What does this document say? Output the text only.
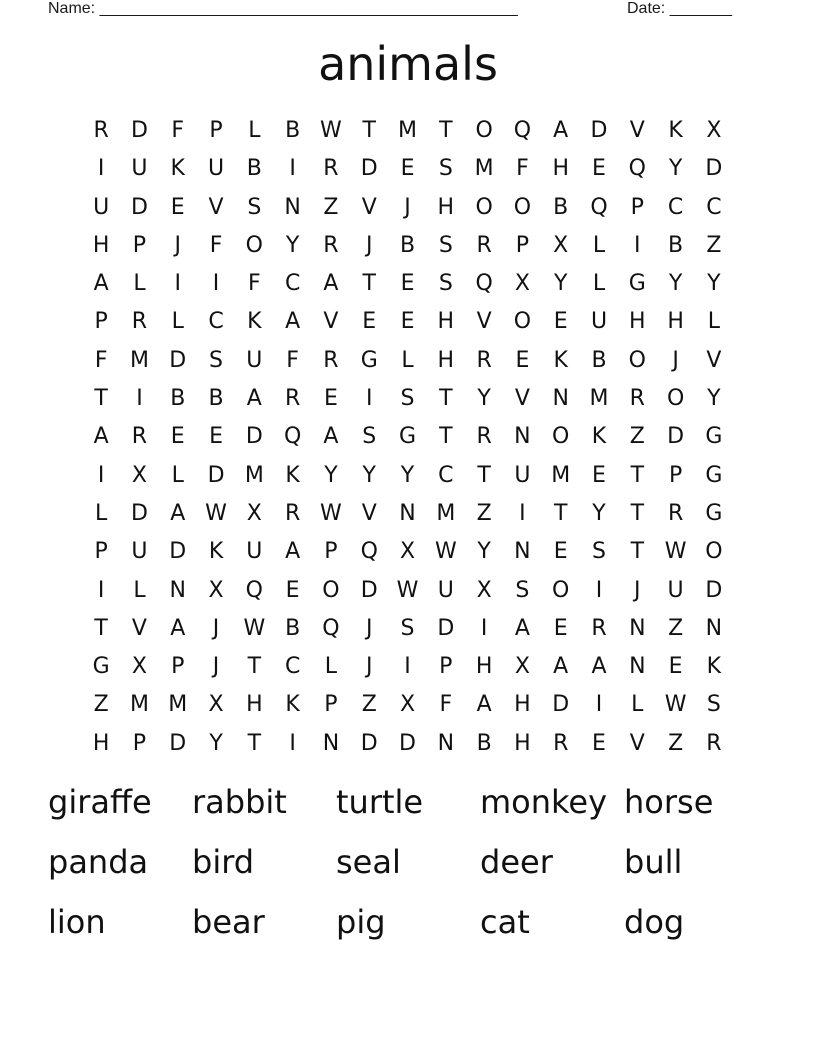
Name: _______________________________________________	Date: _______
animals
R	D	F	P	L	B W T	M	T	O Q	A	D	V	K	X
I	U	K	U	B	I	R	D	E	S M	F	H	E	Q	Y	D
U D	E	V	S	N	Z	V	J	H O O	B	Q	P	C	C
H	P	J	F	O	Y	R	J	B	S	R	P	X	L	I	B	Z
A	L	I	I	F	C	A	T	E	S	Q	X	Y	L	G	Y	Y
P	R	L	C	K	A	V	E	E	H	V	O	E	U H H	L
F	M D	S	U	F	R	G	L	H	R	E	K	B	O	J	V
T	I	B	B	A	R	E	I	S	T	Y	V	N M R O	Y
A	R	E	E	D Q	A	S	G	T	R	N O	K	Z	D G
I	X	L	D M K	Y	Y	Y	C	T	U M E	T	P	G
L	D	A W X	R W V	N M Z	I	T	Y	T	R	G
P	U D	K	U	A	P	Q	X W Y	N	E	S	T W O
I	L	N	X	Q	E	O D W U	X	S	O	I	J	U D
T	V	A	J	W B	Q	J	S	D	I	A	E	R	N	Z	N
G	X	P	J	T	C	L	J	I	P	H	X	A	A	N	E	K
Z M M X	H	K	P	Z	X	F	A	H D	I	L W S
H	P	D	Y	T	I	N D D N	B	H	R	E	V	Z	R
giraffe	rabbit	turtle	monkey horse
panda	bird	seal	deer	bull
lion	bear	pig	cat	dog
